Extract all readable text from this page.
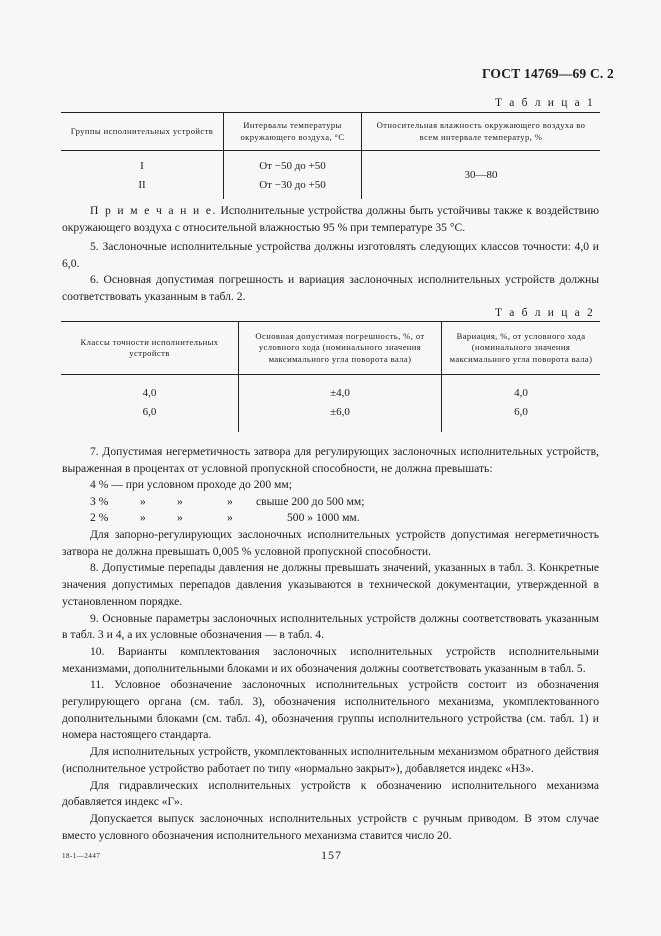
ГОСТ 14769—69 С. 2
Т а б л и ц а 1
Группы исполнительных устройств	Интервалы температуры окружающего воздуха, °С	Относительная влажность окружающего воздуха во всем интервале температур, %
I	От −50 до +50	30—80
II	От −30 до +50	

П р и м е ч а н и е. Исполнительные устройства должны быть устойчивы также к воздействию окружающего воздуха с относительной влажностью 95 % при температуре 35 °С.

5. Заслоночные исполнительные устройства должны изготовлять следующих классов точности: 4,0 и 6,0.

6. Основная допустимая погрешность и вариация заслоночных исполнительных устройств должны соответствовать указанным в табл. 2.

Т а б л и ц а 2
Классы точности исполнительных устройств	Основная допустимая погрешность, %, от условного хода (номинального значения максимального угла поворота вала)	Вариация, %, от условного хода (номинального значения максимального угла поворота вала)
4,0	±4,0	4,0
6,0	±6,0	6,0

7. Допустимая негерметичность затвора для регулирующих заслоночных исполнительных устройств, выраженная в процентах от условной пропускной способности, не должна превышать:

4 % — при условном проходе до 200 мм;
3 %	»	»	» свыше 200 до 500 мм;
2 %	»	»	»	500 » 1000 мм.

Для запорно-регулирующих заслоночных исполнительных устройств допустимая негерметичность затвора не должна превышать 0,005 % условной пропускной способности.

8. Допустимые перепады давления не должны превышать значений, указанных в табл. 3. Конкретные значения допустимых перепадов давления указываются в технической документации, утвержденной в установленном порядке.

9. Основные параметры заслоночных исполнительных устройств должны соответствовать указанным в табл. 3 и 4, а их условные обозначения — в табл. 4.

10. Варианты комплектования заслоночных исполнительных устройств исполнительными механизмами, дополнительными блоками и их обозначения должны соответствовать указанным в табл. 5.

11. Условное обозначение заслоночных исполнительных устройств состоит из обозначения регулирующего органа (см. табл. 3), обозначения исполнительного механизма, укомплектованного дополнительными блоками (см. табл. 4), обозначения группы исполнительного устройства (см. табл. 1) и номера настоящего стандарта.

Для исполнительных устройств, укомплектованных исполнительным механизмом обратного действия (исполнительное устройство работает по типу «нормально закрыт»), добавляется индекс «НЗ».

Для гидравлических исполнительных устройств к обозначению исполнительного механизма добавляется индекс «Г».

Допускается выпуск заслоночных исполнительных устройств с ручным приводом. В этом случае вместо условного обозначения исполнительного механизма ставится число 20.

18-1—2447	157
